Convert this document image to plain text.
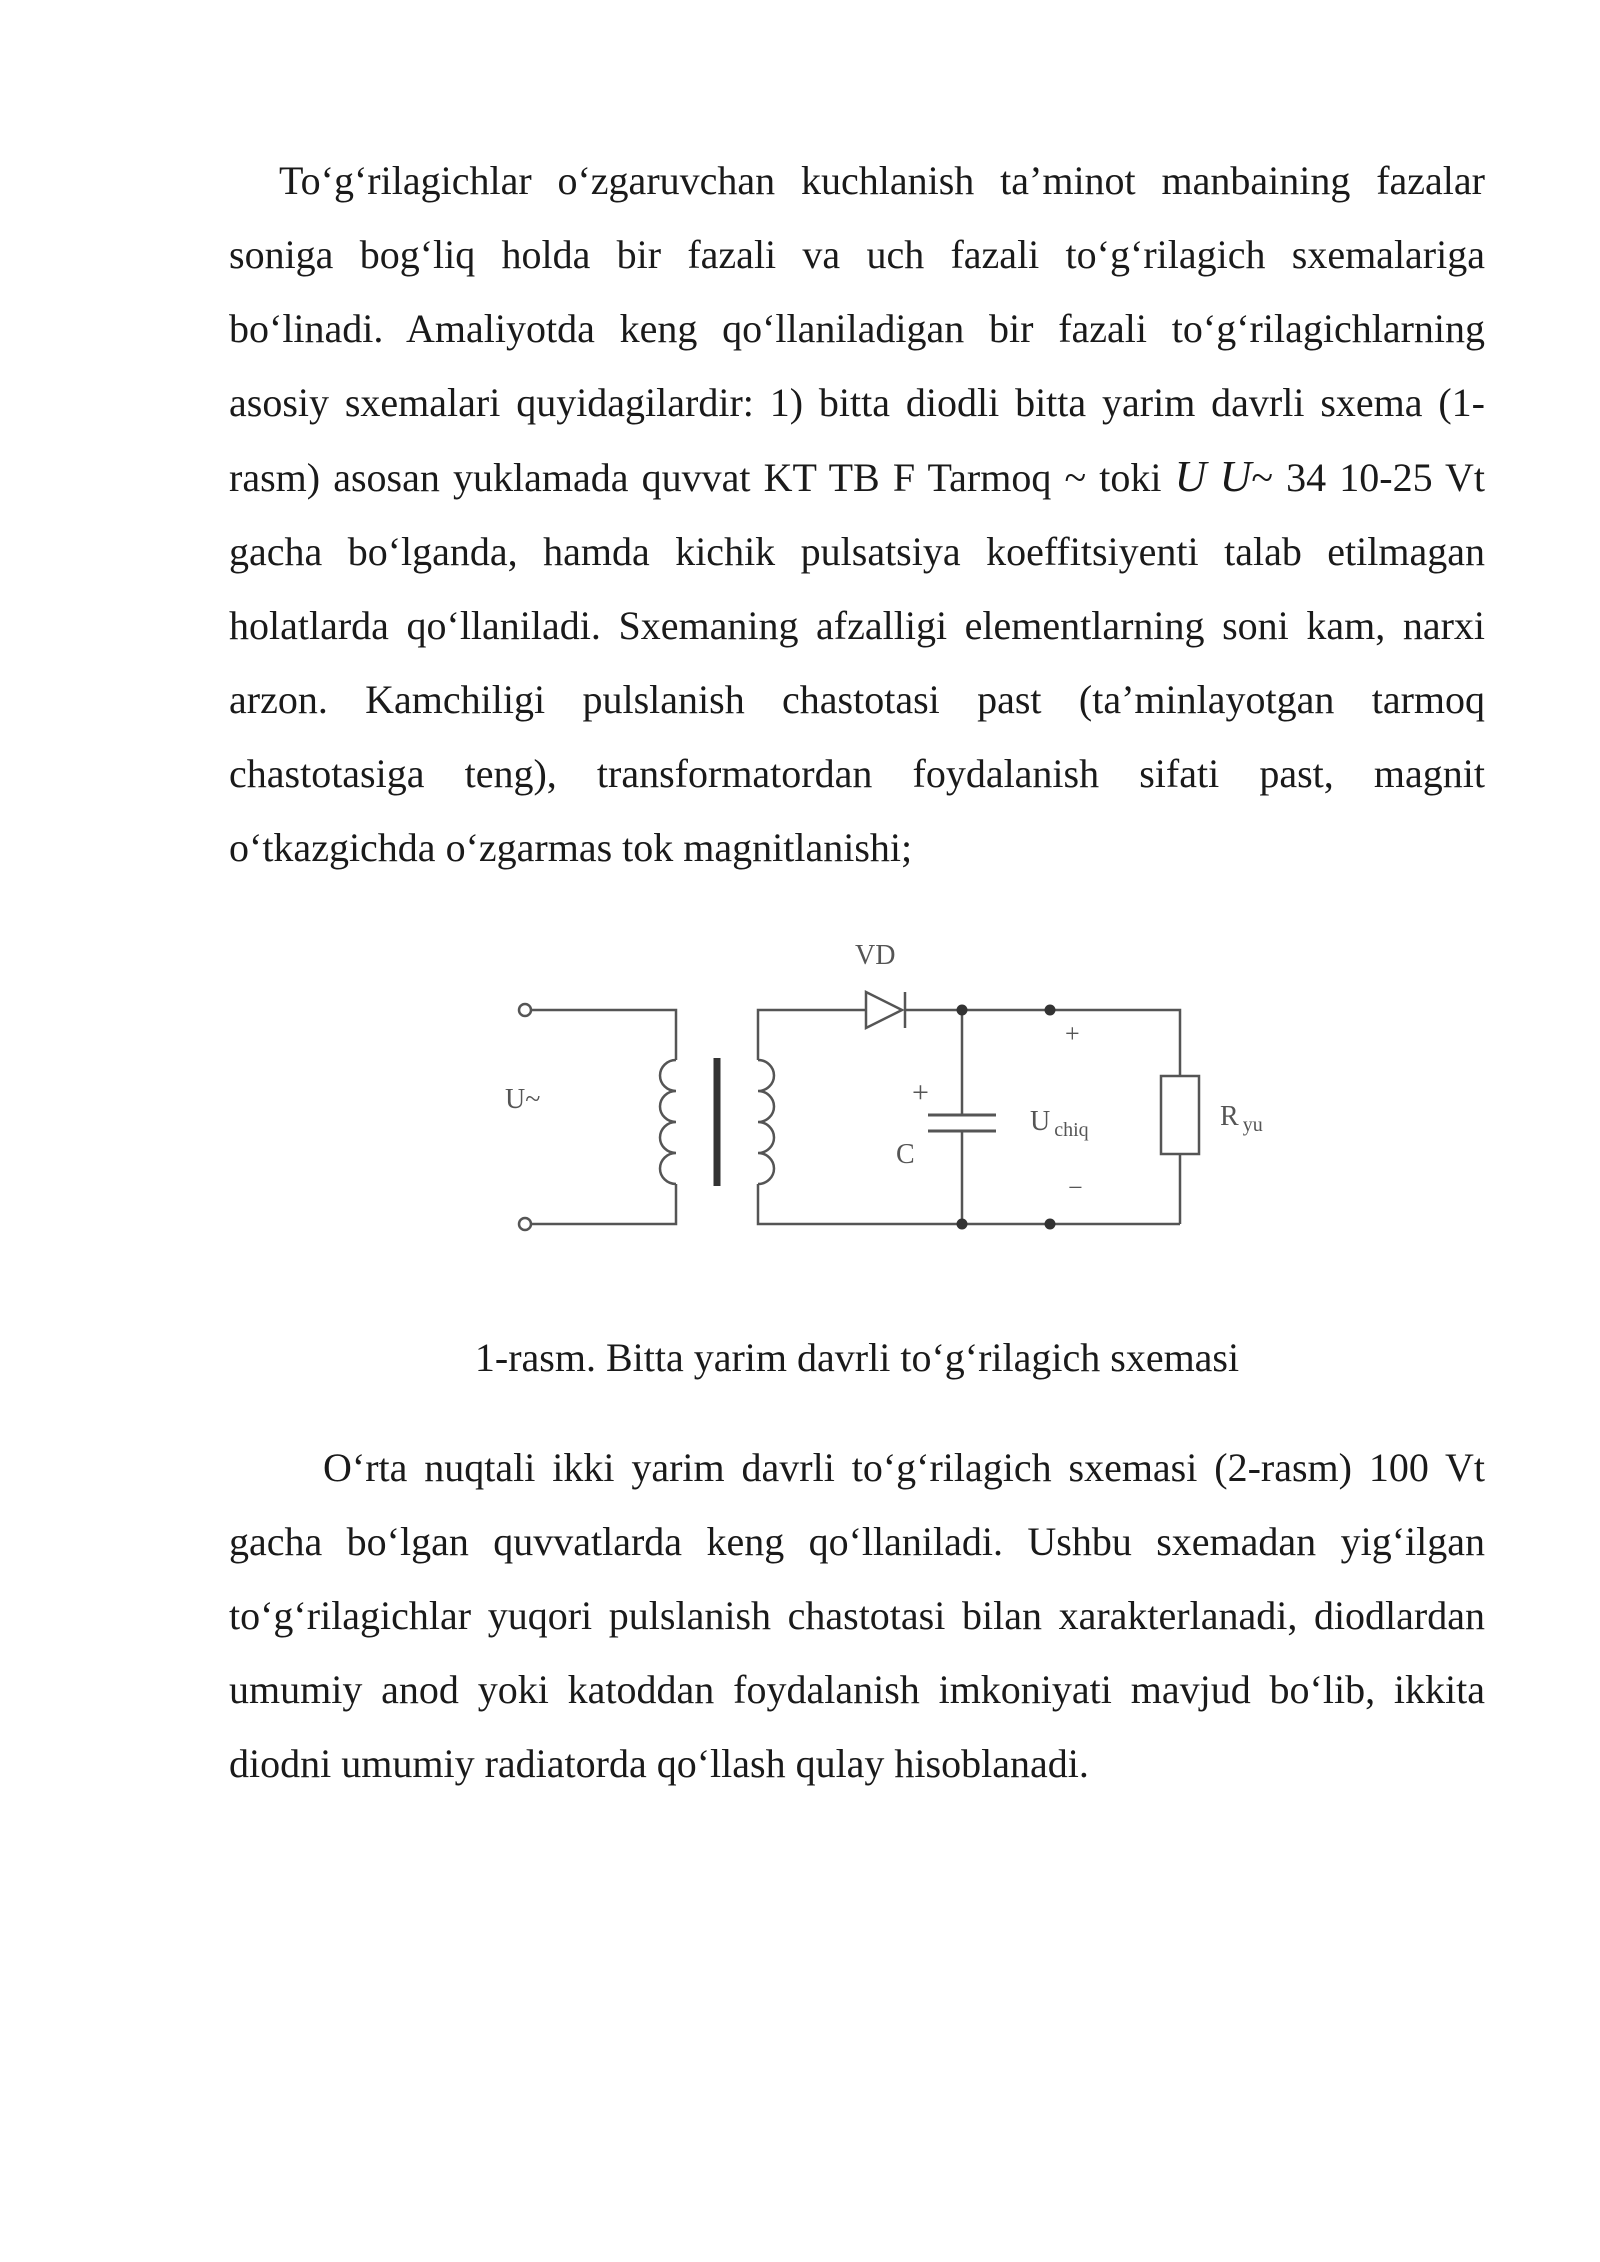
To‘g‘rilagichlar o‘zgaruvchan kuchlanish ta’minot manbaining fazalar soniga bog‘liq holda bir fazali va uch fazali to‘g‘rilagich sxemalariga bo‘linadi. Amaliyotda keng qo‘llaniladigan bir fazali to‘g‘rilagichlarning asosiy sxemalari quyidagilardir: 1) bitta diodli bitta yarim davrli sxema (1-rasm) asosan yuklamada quvvat KT TB F Tarmoq ~ toki U U~ 34 10-25 Vt gacha bo‘lganda, hamda kichik pulsatsiya koeffitsiyenti talab etilmagan holatlarda qo‘llaniladi. Sxemaning afzalligi elementlarning soni kam, narxi arzon. Kamchiligi pulslanish chastotasi past (ta’minlayotgan tarmoq chastotasiga teng), transformatordan foydalanish sifati past, magnit o‘tkazgichda o‘zgarmas tok magnitlanishi;

VD
U~	+
C
+
−
U $_{chiq}$	R $_{yu}$

1-rasm. Bitta yarim davrli to‘g‘rilagich sxemasi

O‘rta nuqtali ikki yarim davrli to‘g‘rilagich sxemasi (2-rasm) 100 Vt gacha bo‘lgan quvvatlarda keng qo‘llaniladi. Ushbu sxemadan yig‘ilgan to‘g‘rilagichlar yuqori pulslanish chastotasi bilan xarakterlanadi, diodlardan umumiy anod yoki katoddan foydalanish imkoniyati mavjud bo‘lib, ikkita diodni umumiy radiatorda qo‘llash qulay hisoblanadi.
